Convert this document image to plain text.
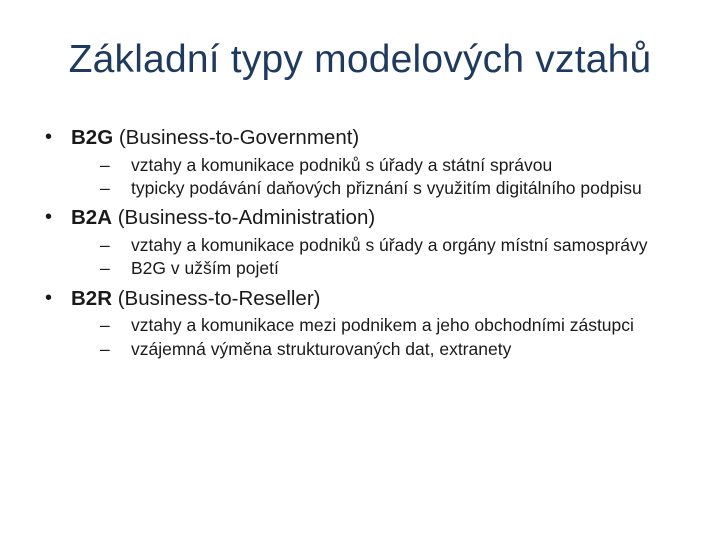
Základní typy modelových vztahů
• B2G (Business-to-Government)
– vztahy a komunikace podniků s úřady a státní správou
– typicky podávání daňových přiznání s využitím digitálního podpisu
• B2A (Business-to-Administration)
– vztahy a komunikace podniků s úřady a orgány místní samosprávy
– B2G v užším pojetí
• B2R (Business-to-Reseller)
– vztahy a komunikace mezi podnikem a jeho obchodními zástupci
– vzájemná výměna strukturovaných dat, extranety
